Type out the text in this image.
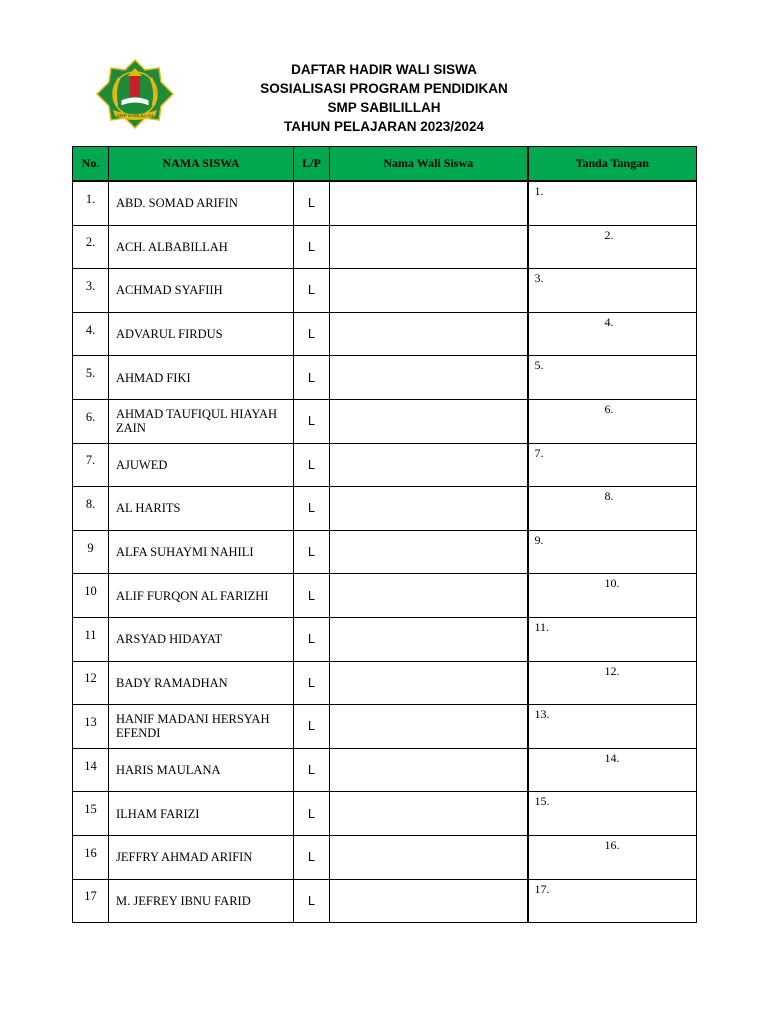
SMP SABILILLAH
DAFTAR HADIR WALI SISWA
SOSIALISASI PROGRAM PENDIDIKAN
SMP SABILILLAH
TAHUN PELAJARAN 2023/2024
No.	NAMA SISWA	L/P	Nama Wali Siswa	Tanda Tangan
1.	ABD. SOMAD ARIFIN	L		1.

2.	ACH. ALBABILLAH	L		2.

3.	ACHMAD SYAFIIH	L		3.

4.	ADVARUL FIRDUS	L		4.

5.	AHMAD FIKI	L		5.

6.	AHMAD TAUFIQUL HIAYAH ZAIN	L		6.

7.	AJUWED	L		7.

8.	AL HARITS	L		8.

9	ALFA SUHAYMI NAHILI	L		9.

10	ALIF FURQON AL FARIZHI	L		10.

11	ARSYAD HIDAYAT	L		11.

12	BADY RAMADHAN	L		12.

13	HANIF MADANI HERSYAH EFENDI	L		13.

14	HARIS MAULANA	L		14.

15	ILHAM FARIZI	L		15.

16	JEFFRY AHMAD ARIFIN	L		16.

17	M. JEFREY IBNU FARID	L		17.
